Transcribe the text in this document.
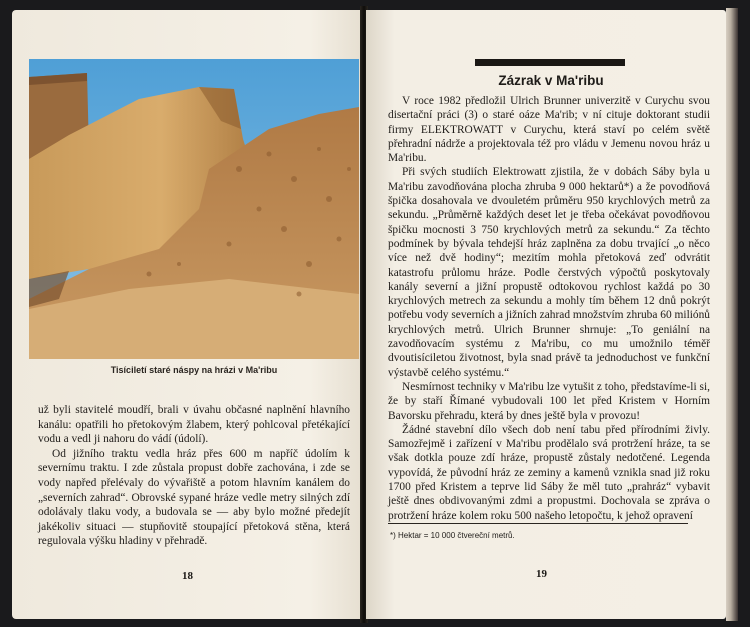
Tisíciletí staré náspy na hrázi v Ma'ribu

už byli stavitelé moudří, brali v úvahu občasné naplnění hlavního kanálu: opatřili ho přetokovým žlabem, který pohlcoval přetékající vodu a vedl ji nahoru do vádí (údolí).

Od jižního traktu vedla hráz přes 600 m napříč údolím k severnímu traktu. I zde zůstala propust dobře zachována, i zde se vody napřed přelévaly do vývařiště a potom hlavním kanálem do „severních zahrad“. Obrovské sypané hráze vedle metry silných zdí odolávaly tlaku vody, a budovala se — aby bylo možné předejít jakékoliv situaci — stupňovitě stoupající přetoková stěna, která regulovala výšku hladiny v přehradě.

18
Zázrak v Ma'ribu

V roce 1982 předložil Ulrich Brunner univerzitě v Curychu svou disertační práci (3) o staré oáze Ma'rib; v ní cituje doktorant studii firmy ELEKTROWATT v Curychu, která staví po celém světě přehradní nádrže a projektovala též pro vládu v Jemenu novou hráz u Ma'ribu.

Při svých studiích Elektrowatt zjistila, že v dobách Sáby byla u Ma'ribu zavodňována plocha zhruba 9 000 hektarů*) a že povodňová špička dosahovala ve dvouletém průměru 950 krychlových metrů za sekundu. „Průměrně každých deset let je třeba očekávat povodňovou špičku mocnosti 3 750 krychlových metrů za sekundu.“ Za těchto podmínek by bývala tehdejší hráz zaplněna za dobu trvající „o něco více než dvě hodiny“; mezitím mohla přetoková zeď odvrátit katastrofu průlomu hráze. Podle čerstvých výpočtů poskytovaly kanály severní a jižní propustě odtokovou rychlost každá po 30 krychlových metrech za sekundu a mohly tím během 12 dnů pokrýt potřebu vody severních a jižních zahrad množstvím zhruba 60 miliónů krychlových metrů. Ulrich Brunner shrnuje: „To geniální na zavodňovacím systému z Ma'ribu, co mu umožnilo téměř dvoutisíciletou životnost, byla snad právě ta jednoduchost ve funkční výstavbě celého systému.“

Nesmírnost techniky v Ma'ribu lze vytušit z toho, představíme-li si, že by staří Římané vybudovali 100 let před Kristem v Horním Bavorsku přehradu, která by dnes ještě byla v provozu!

Žádné stavební dílo všech dob není tabu před přírodními živly. Samozřejmě i zařízení v Ma'ribu prodělalo svá protržení hráze, ta se však dotkla pouze zdí hráze, propustě zůstaly nedotčené. Legenda vypovídá, že původní hráz ze zeminy a kamenů vznikla snad již roku 1700 před Kristem a teprve lid Sáby že měl tuto „prahráz“ vybavit ještě dnes obdivovanými zdmi a propustmi. Dochovala se zpráva o protržení hráze kolem roku 500 našeho letopočtu, k jehož opravení

*) Hektar = 10 000 čtvereční metrů.
19
